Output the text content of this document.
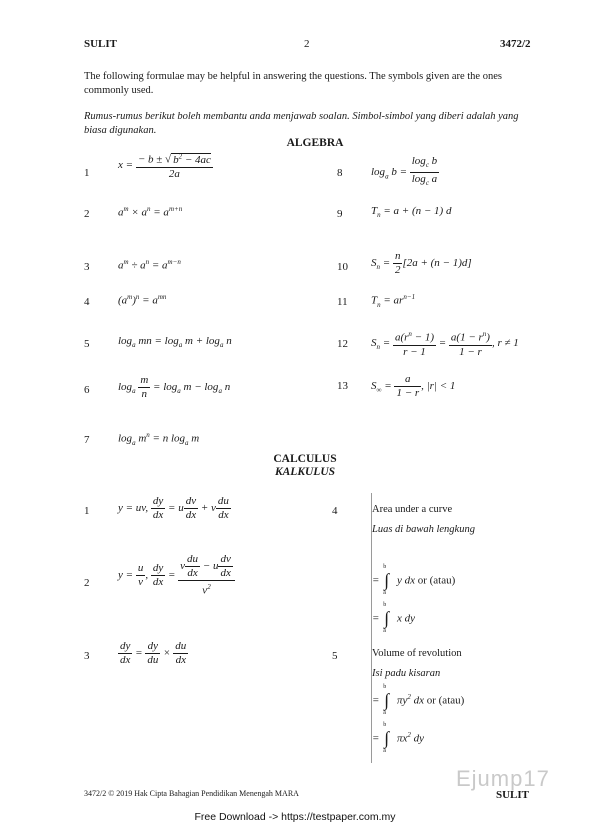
SULIT	2	3472/2
The following formulae may be helpful in answering the questions. The symbols given are the ones commonly used.
Rumus-rumus berikut boleh membantu anda menjawab soalan. Simbol-simbol yang diberi adalah yang biasa digunakan.
ALGEBRA
1
2
3
4
5
6
7
8
9
10
11
12
13
$x = \frac{- b \pm √ b^2 - 4ac}{2a}$
$a^m \times a^n = a^{m+n}$
$a^m \div a^n = a^{m-n}$
$(a^m)^n = a^{mn}$
$\log_a$ mn = $\log_a m + \log_a n$
$\log_a \frac{m}{n} = \log_a m - \log_a n$
$\log_a m^n = n$ $\log_a m$
$\log_a b = \frac{\log_c b}{\log_c a}$
$T_n = a + (n - 1)$ d
$S_n = \frac{n}{2} [2a + (n - 1)d]$
$T_n = ar^{n-1}$
$S_n = \frac{a(r^n - 1)}{r - 1} = \frac{a(1 - r^n)}{1 - r}$ , r ≠ 1
$S_\infty = \frac{a}{1 - r}$ , |r| < 1
CALCULUS
KALKULUS
1
2
3
4
5
y = uv, $\frac{dy}{dx} = u \frac{dv}{dx} + v \frac{du}{dx}$
$y = \frac{u}{v}$ , $\frac{dy}{dx} = \frac{v \frac{du}{dx} - u \frac{dv}{dx}}{v^2}$
$\frac{dy}{dx} = \frac{dy}{du} \times \frac{du}{dx}$
Area under a curve
Luas di bawah lengkung
=
b
∫
a
y dx or (atau)
=
b
∫
a
x dy
Volume of revolution
Isi padu kisaran
=
b
∫
a
$\pi y^2$ dx or (atau)
=
b
∫
a
$\pi x^2$ dy
3472/2 © 2019 Hak Cipta Bahagian Pendidikan Menengah MARA
Ejump17
SULIT
Free Download -> https://testpaper.com.my
